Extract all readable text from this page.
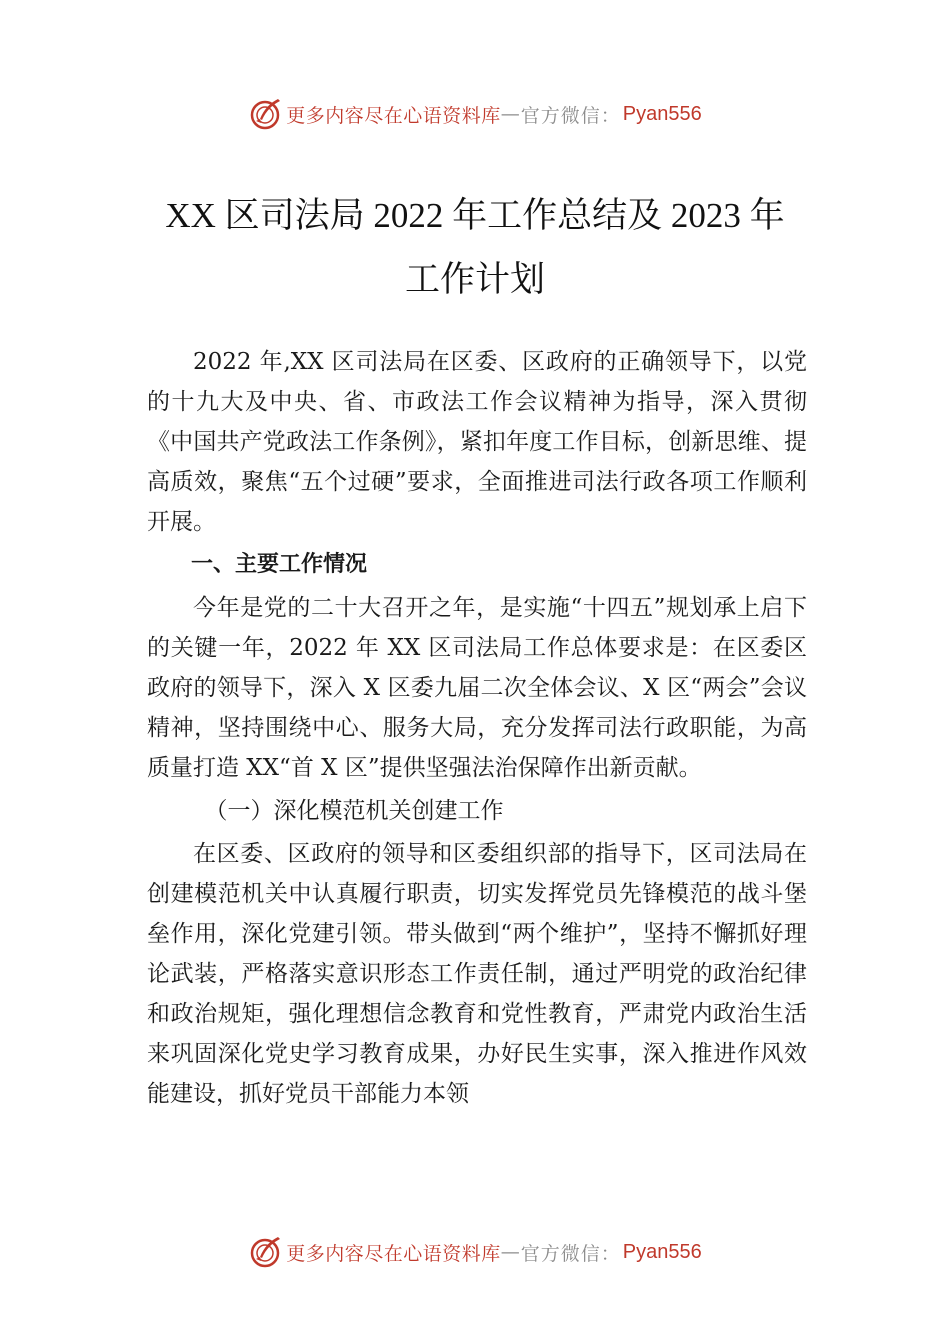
更多内容尽在心语资料库 — 官方微信： Pyan556
XX 区司法局 2022 年工作总结及 2023 年
工作计划

2022 年,XX 区司法局在区委、区政府的正确领导下，以党的十九大及中央、省、市政法工作会议精神为指导，深入贯彻《中国共产党政法工作条例》，紧扣年度工作目标，创新思维、提高质效，聚焦“五个过硬”要求，全面推进司法行政各项工作顺利开展。

一、主要工作情况

今年是党的二十大召开之年，是实施“十四五”规划承上启下的关键一年，2022 年 XX 区司法局工作总体要求是：在区委区政府的领导下，深入 X 区委九届二次全体会议、X 区“两会”会议精神，坚持围绕中心、服务大局，充分发挥司法行政职能，为高质量打造 XX“首 X 区”提供坚强法治保障作出新贡献。

（一）深化模范机关创建工作

在区委、区政府的领导和区委组织部的指导下，区司法局在创建模范机关中认真履行职责，切实发挥党员先锋模范的战斗堡垒作用，深化党建引领。带头做到“两个维护”，坚持不懈抓好理论武装，严格落实意识形态工作责任制，通过严明党的政治纪律和政治规矩，强化理想信念教育和党性教育，严肃党内政治生活来巩固深化党史学习教育成果，办好民生实事，深入推进作风效能建设，抓好党员干部能力本领

更多内容尽在心语资料库 — 官方微信： Pyan556
